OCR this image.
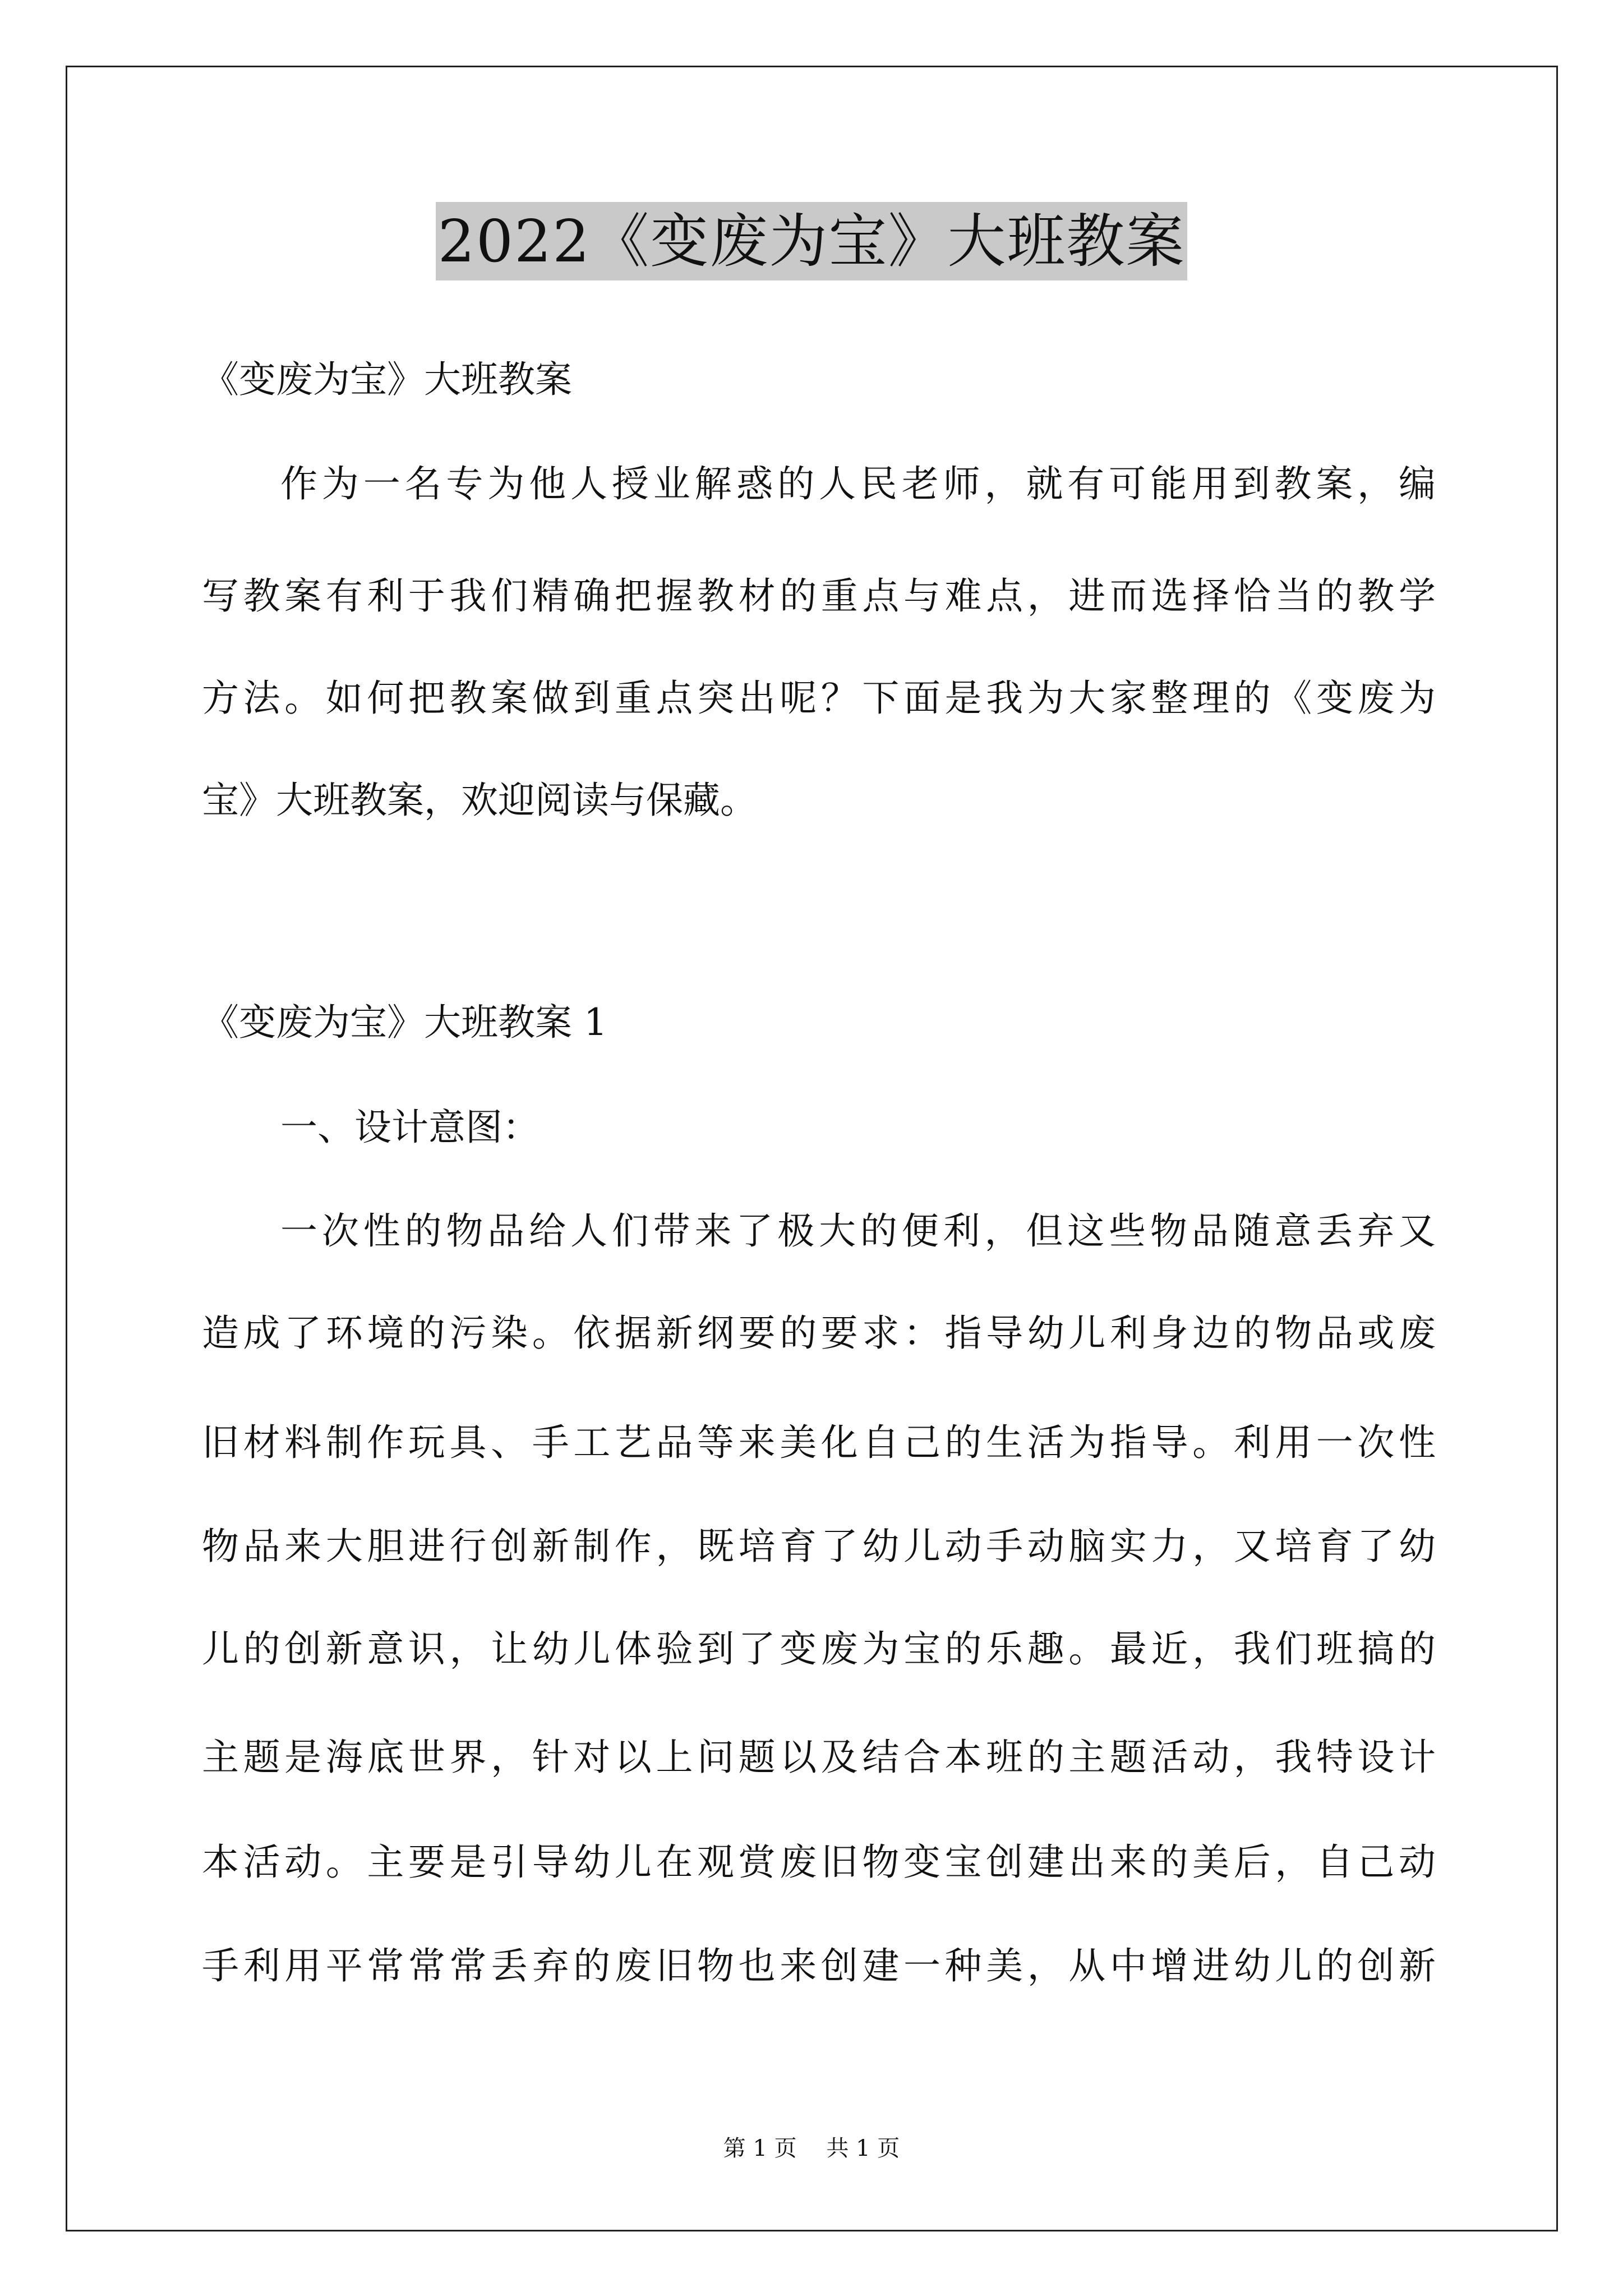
2022《变废为宝》大班教案
《变废为宝》大班教案
作为一名专为他人授业解惑的人民老师，就有可能用到教案，编
写教案有利于我们精确把握教材的重点与难点，进而选择恰当的教学
方法。如何把教案做到重点突出呢？下面是我为大家整理的《变废为
宝》大班教案，欢迎阅读与保藏。
《变废为宝》大班教案 1
一、设计意图：
一次性的物品给人们带来了极大的便利，但这些物品随意丢弃又
造成了环境的污染。依据新纲要的要求：指导幼儿利身边的物品或废
旧材料制作玩具、手工艺品等来美化自己的生活为指导。利用一次性
物品来大胆进行创新制作，既培育了幼儿动手动脑实力，又培育了幼
儿的创新意识，让幼儿体验到了变废为宝的乐趣。最近，我们班搞的
主题是海底世界，针对以上问题以及结合本班的主题活动，我特设计
本活动。主要是引导幼儿在观赏废旧物变宝创建出来的美后，自己动
手利用平常常常丢弃的废旧物也来创建一种美，从中增进幼儿的创新
第 1 页 共 1 页
